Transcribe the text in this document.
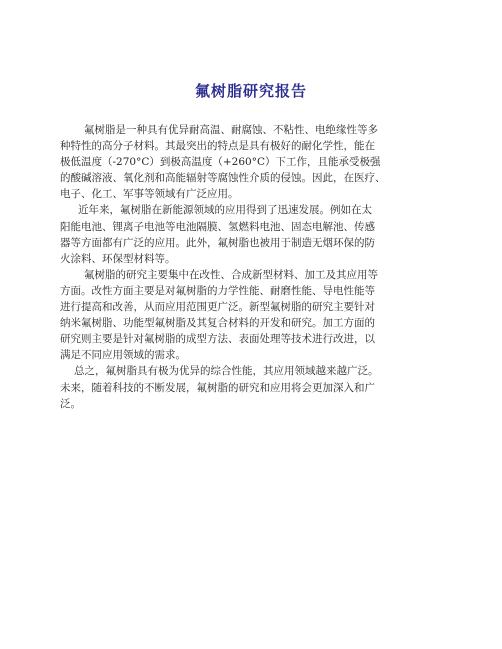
氟树脂研究报告
氟树脂是一种具有优异耐高温、耐腐蚀、不粘性、电绝缘性等多
种特性的高分子材料。其最突出的特点是具有极好的耐化学性，能在
极低温度（-270°C）到极高温度（+260°C）下工作，且能承受极强
的酸碱溶液、氧化剂和高能辐射等腐蚀性介质的侵蚀。因此，在医疗、
电子、化工、军事等领域有广泛应用。
近年来，氟树脂在新能源领域的应用得到了迅速发展。例如在太
阳能电池、锂离子电池等电池隔膜、氢燃料电池、固态电解池、传感
器等方面都有广泛的应用。此外，氟树脂也被用于制造无烟环保的防
火涂料、环保型材料等。
氟树脂的研究主要集中在改性、合成新型材料、加工及其应用等
方面。改性方面主要是对氟树脂的力学性能、耐磨性能、导电性能等
进行提高和改善，从而应用范围更广泛。新型氟树脂的研究主要针对
纳米氟树脂、功能型氟树脂及其复合材料的开发和研究。加工方面的
研究则主要是针对氟树脂的成型方法、表面处理等技术进行改进，以
满足不同应用领域的需求。
总之，氟树脂具有极为优异的综合性能，其应用领域越来越广泛。
未来，随着科技的不断发展，氟树脂的研究和应用将会更加深入和广
泛。
